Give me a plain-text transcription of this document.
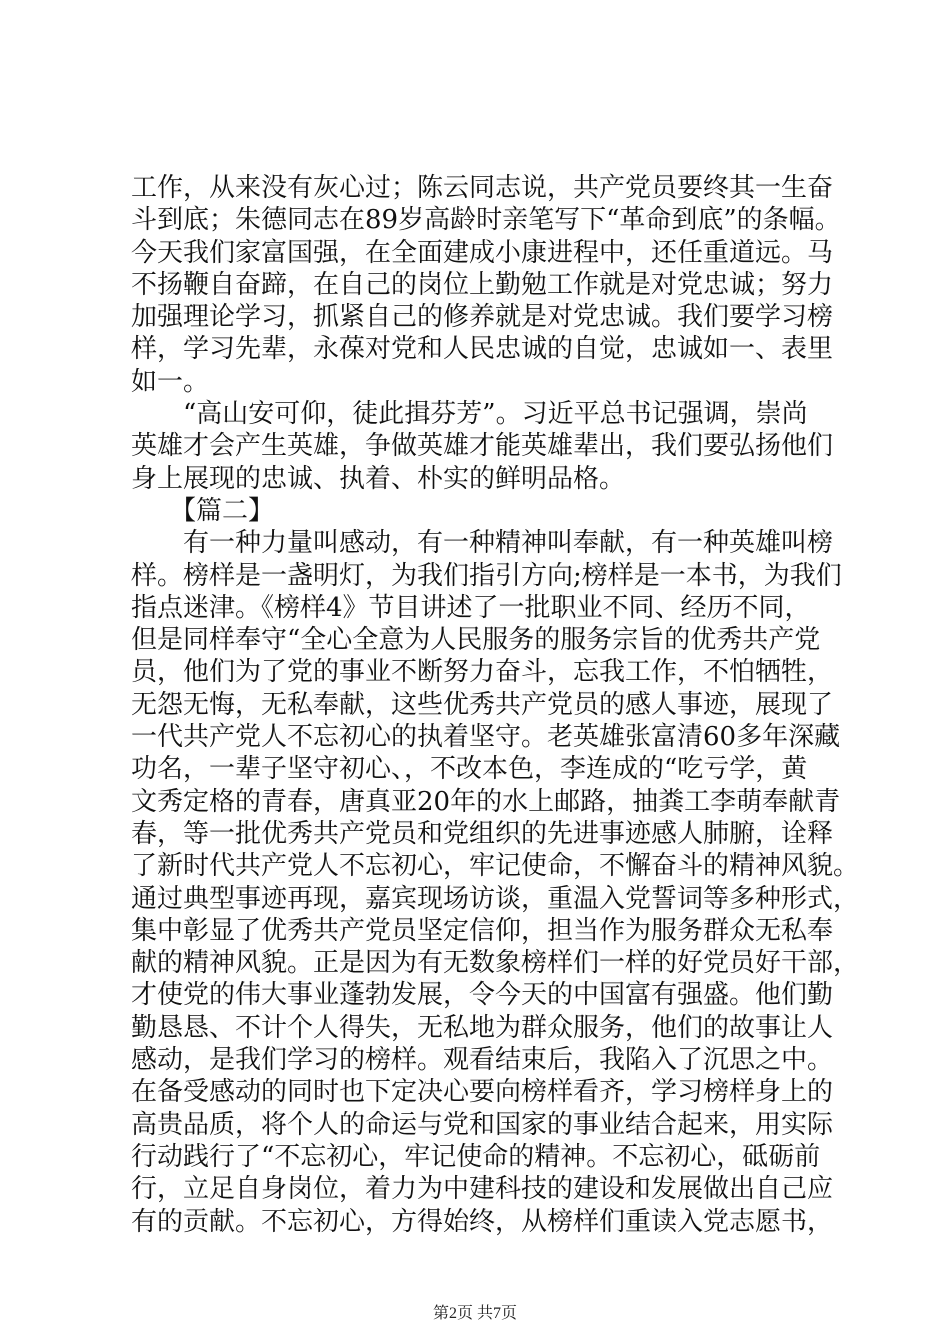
工作，从来没有灰心过；陈云同志说，共产党员要终其一生奋
斗到底；朱德同志在89岁高龄时亲笔写下“革命到底”的条幅。
今天我们家富国强，在全面建成小康进程中，还任重道远。马
不扬鞭自奋蹄，在自己的岗位上勤勉工作就是对党忠诚；努力
加强理论学习，抓紧自己的修养就是对党忠诚。我们要学习榜
样，学习先辈，永葆对党和人民忠诚的自觉，忠诚如一、表里
如一。
“高山安可仰，徒此揖芬芳”。习近平总书记强调，崇尚
英雄才会产生英雄，争做英雄才能英雄辈出，我们要弘扬他们
身上展现的忠诚、执着、朴实的鲜明品格。
【篇二】
有一种力量叫感动，有一种精神叫奉献，有一种英雄叫榜
样。榜样是一盏明灯，为我们指引方向;榜样是一本书，为我们
指点迷津。《榜样4》节目讲述了一批职业不同、经历不同，
但是同样奉守“全心全意为人民服务的服务宗旨的优秀共产党
员，他们为了党的事业不断努力奋斗，忘我工作，不怕牺牲，
无怨无悔，无私奉献，这些优秀共产党员的感人事迹，展现了
一代共产党人不忘初心的执着坚守。老英雄张富清60多年深藏
功名，一辈子坚守初心、，不改本色，李连成的“吃亏学，黄
文秀定格的青春，唐真亚20年的水上邮路，抽粪工李萌奉献青
春，等一批优秀共产党员和党组织的先进事迹感人肺腑，诠释
了新时代共产党人不忘初心，牢记使命，不懈奋斗的精神风貌。
通过典型事迹再现，嘉宾现场访谈，重温入党誓词等多种形式，
集中彰显了优秀共产党员坚定信仰，担当作为服务群众无私奉
献的精神风貌。正是因为有无数象榜样们一样的好党员好干部，
才使党的伟大事业蓬勃发展，令今天的中国富有强盛。他们勤
勤恳恳、不计个人得失，无私地为群众服务，他们的故事让人
感动，是我们学习的榜样。观看结束后，我陷入了沉思之中。
在备受感动的同时也下定决心要向榜样看齐，学习榜样身上的
高贵品质，将个人的命运与党和国家的事业结合起来，用实际
行动践行了“不忘初心，牢记使命的精神。不忘初心，砥砺前
行，立足自身岗位，着力为中建科技的建设和发展做出自己应
有的贡献。不忘初心，方得始终，从榜样们重读入党志愿书，
第2页 共7页
